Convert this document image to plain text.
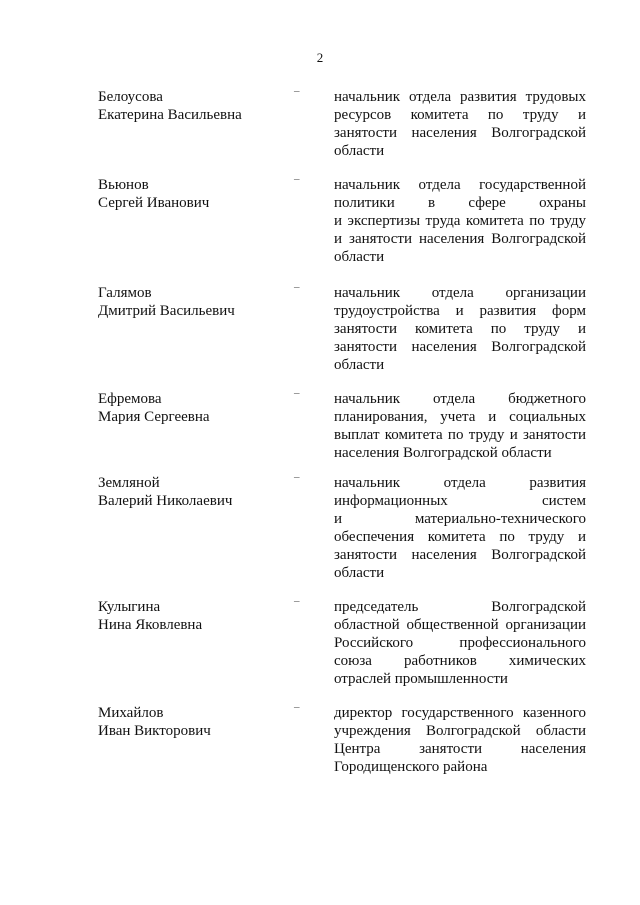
2
Белоусова
Екатерина Васильевна
– начальник отдела развития трудовых
ресурсов комитета по труду и
занятости населения Волгоградской
области
Вьюнов
Сергей Иванович
– начальник отдела государственной
политики в сфере охраны
и экспертизы труда комитета по труду
и занятости населения Волгоградской
области
Галямов
Дмитрий Васильевич
– начальник отдела организации
трудоустройства и развития форм
занятости комитета по труду и
занятости населения Волгоградской
области
Ефремова
Мария Сергеевна
– начальник отдела бюджетного
планирования, учета и социальных
выплат комитета по труду и занятости
населения Волгоградской области
Земляной
Валерий Николаевич
– начальник отдела развития
информационных систем
и материально-технического
обеспечения комитета по труду и
занятости населения Волгоградской
области
Кулыгина
Нина Яковлевна
– председатель Волгоградской
областной общественной организации
Российского профессионального
союза работников химических
отраслей промышленности
Михайлов
Иван Викторович
– директор государственного казенного
учреждения Волгоградской области
Центра занятости населения
Городищенского района
